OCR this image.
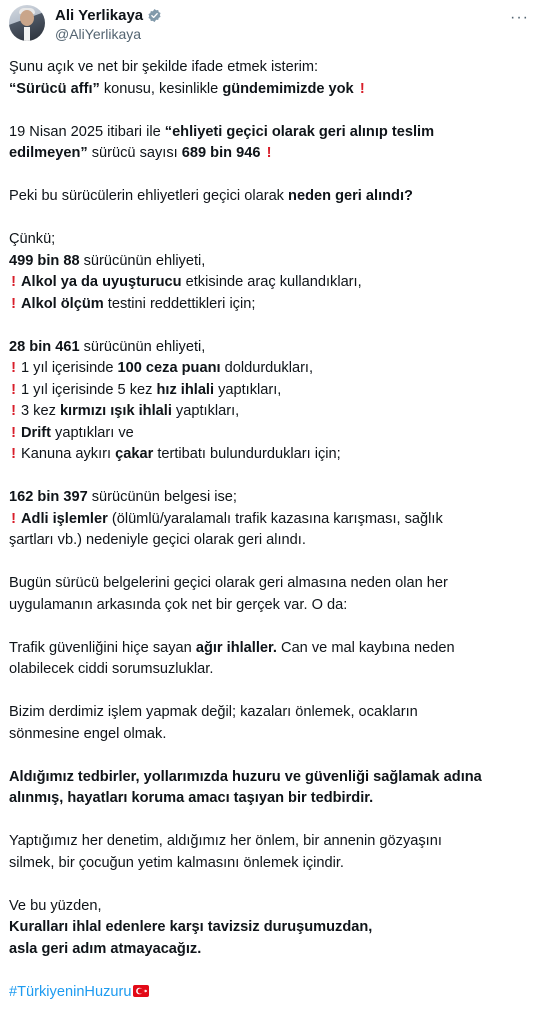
Ali Yerlikaya
@AliYerlikaya
···

Şunu açık ve net bir şekilde ifade etmek isterim:

“Sürücü affı” konusu, kesinlikle gündemimizde yok !

19 Nisan 2025 itibari ile “ehliyeti geçici olarak geri alınıp teslim

edilmeyen” sürücü sayısı 689 bin 946 !

Peki bu sürücülerin ehliyetleri geçici olarak neden geri alındı?

Çünkü;

499 bin 88 sürücünün ehliyeti,

! Alkol ya da uyuşturucu etkisinde araç kullandıkları,

! Alkol ölçüm testini reddettikleri için;

28 bin 461 sürücünün ehliyeti,

! 1 yıl içerisinde 100 ceza puanı doldurdukları,

! 1 yıl içerisinde 5 kez hız ihlali yaptıkları,

! 3 kez kırmızı ışık ihlali yaptıkları,

! Drift yaptıkları ve

! Kanuna aykırı çakar tertibatı bulundurdukları için;

162 bin 397 sürücünün belgesi ise;

! Adli işlemler (ölümlü/yaralamalı trafik kazasına karışması, sağlık

şartları vb.) nedeniyle geçici olarak geri alındı.

Bugün sürücü belgelerini geçici olarak geri almasına neden olan her

uygulamanın arkasında çok net bir gerçek var. O da:

Trafik güvenliğini hiçe sayan ağır ihlaller. Can ve mal kaybına neden

olabilecek ciddi sorumsuzluklar.

Bizim derdimiz işlem yapmak değil; kazaları önlemek, ocakların

sönmesine engel olmak.

Aldığımız tedbirler, yollarımızda huzuru ve güvenliği sağlamak adına

alınmış, hayatları koruma amacı taşıyan bir tedbirdir.

Yaptığımız her denetim, aldığımız her önlem, bir annenin gözyaşını

silmek, bir çocuğun yetim kalmasını önlemek içindir.

Ve bu yüzden,

Kuralları ihlal edenlere karşı tavizsiz duruşumuzdan,

asla geri adım atmayacağız.

#TürkiyeninHuzuru
